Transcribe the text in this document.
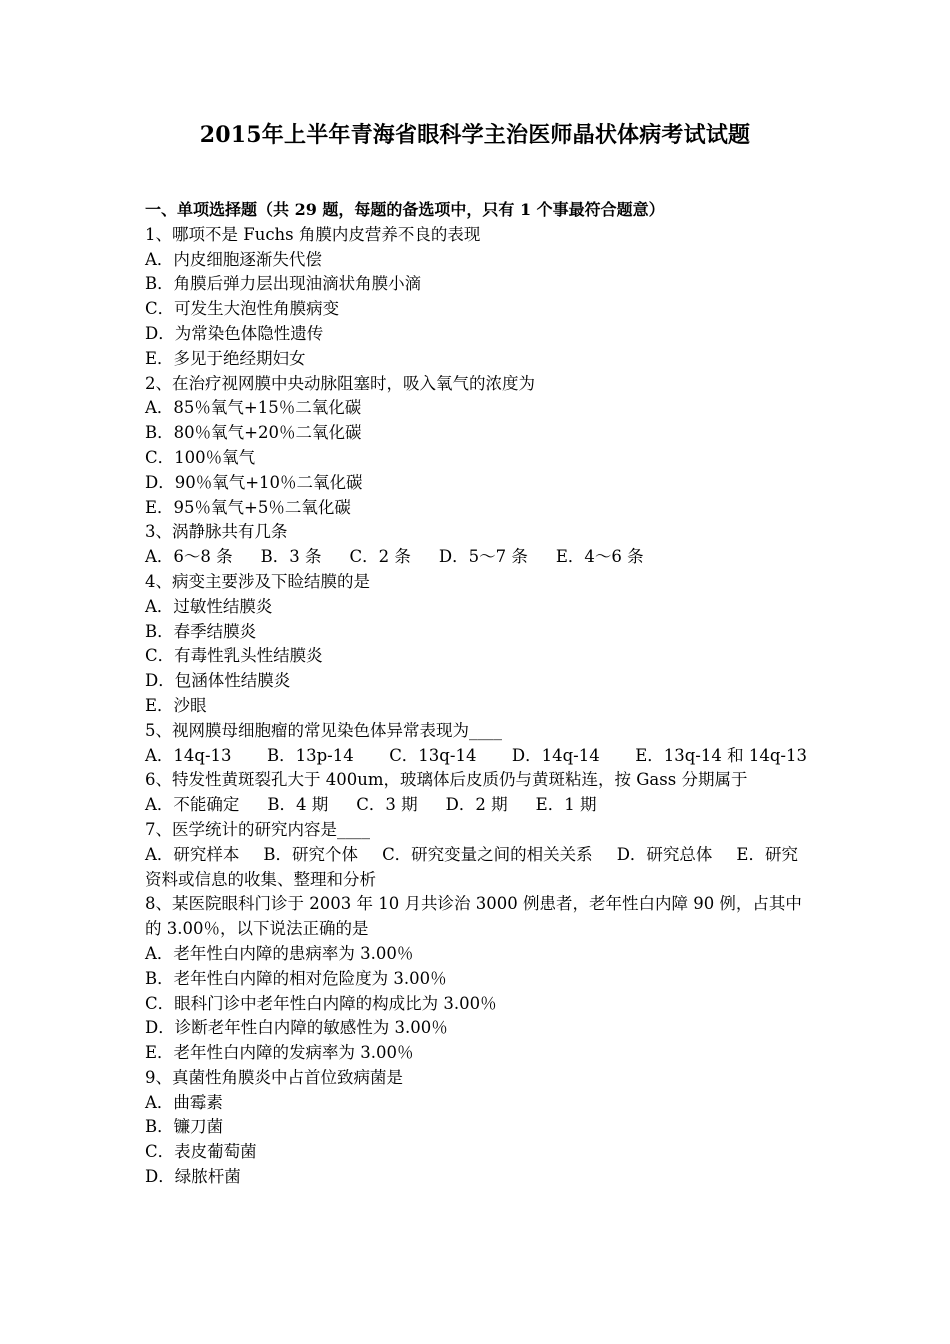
2015年上半年青海省眼科学主治医师晶状体病考试试题
一、单项选择题（共 29 题，每题的备选项中，只有 1 个事最符合题意）
1、哪项不是 Fuchs 角膜内皮营养不良的表现
A．内皮细胞逐渐失代偿
B．角膜后弹力层出现油滴状角膜小滴
C．可发生大泡性角膜病变
D．为常染色体隐性遗传
E．多见于绝经期妇女
2、在治疗视网膜中央动脉阻塞时，吸入氧气的浓度为
A．85％氧气+15％二氧化碳
B．80％氧气+20％二氧化碳
C．100％氧气
D．90％氧气+10％二氧化碳
E．95％氧气+5％二氧化碳
3、涡静脉共有几条
A．6～8 条 B．3 条 C．2 条 D．5～7 条 E．4～6 条
4、病变主要涉及下睑结膜的是
A．过敏性结膜炎
B．春季结膜炎
C．有毒性乳头性结膜炎
D．包涵体性结膜炎
E．沙眼
5、视网膜母细胞瘤的常见染色体异常表现为____
A．14q-13 B．13p-14 C．13q-14 D．14q-14 E．13q-14 和 14q-13
6、特发性黄斑裂孔大于 400um，玻璃体后皮质仍与黄斑粘连，按 Gass 分期属于
A．不能确定 B．4 期 C．3 期 D．2 期 E．1 期
7、医学统计的研究内容是____
A．研究样本 B．研究个体 C．研究变量之间的相关关系 D．研究总体 E．研究资料或信息的收集、整理和分析
8、某医院眼科门诊于 2003 年 10 月共诊治 3000 例患者，老年性白内障 90 例，占其中的 3.00％，以下说法正确的是
A．老年性白内障的患病率为 3.00％
B．老年性白内障的相对危险度为 3.00％
C．眼科门诊中老年性白内障的构成比为 3.00％
D．诊断老年性白内障的敏感性为 3.00％
E．老年性白内障的发病率为 3.00％
9、真菌性角膜炎中占首位致病菌是
A．曲霉素
B．镰刀菌
C．表皮葡萄菌
D．绿脓杆菌
